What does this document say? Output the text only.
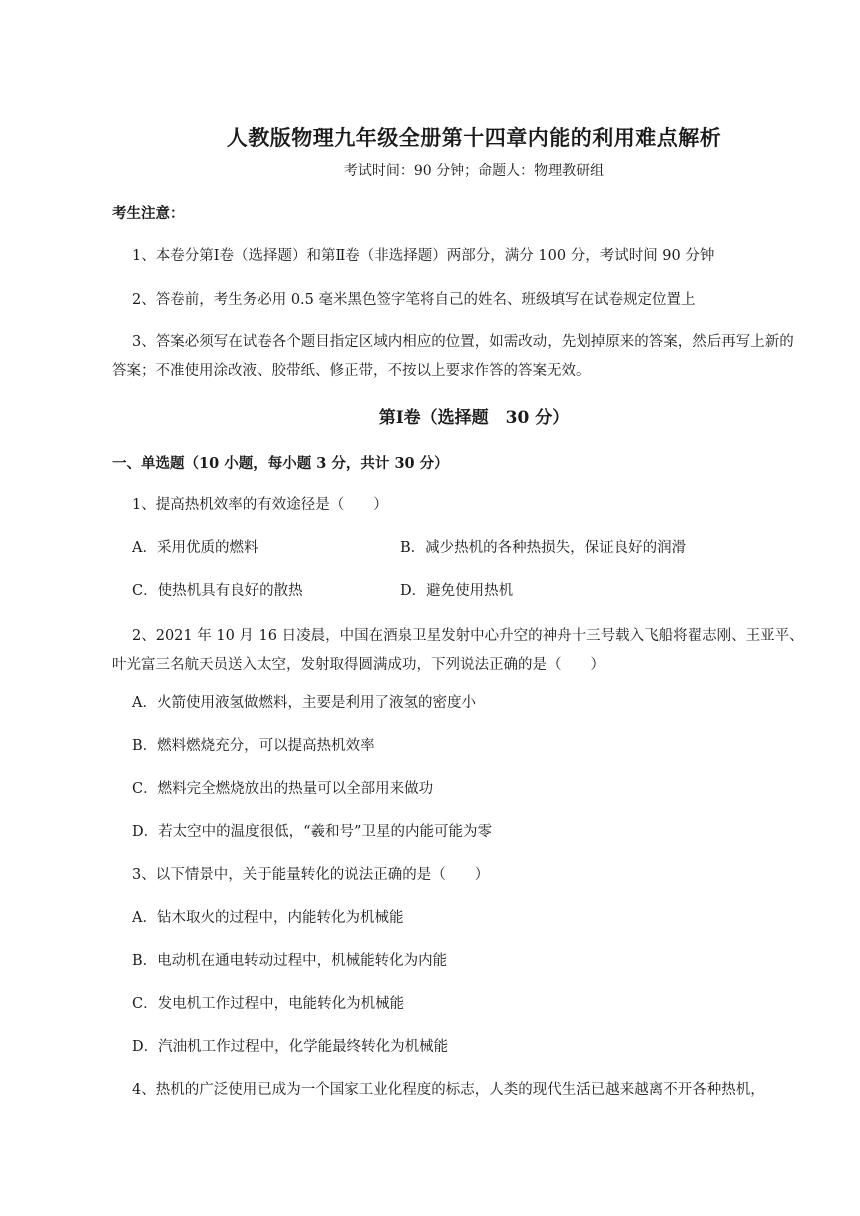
人教版物理九年级全册第十四章内能的利用难点解析
考试时间：90 分钟；命题人：物理教研组
考生注意：
1、本卷分第Ⅰ卷（选择题）和第Ⅱ卷（非选择题）两部分，满分 100 分，考试时间 90 分钟
2、答卷前，考生务必用 0.5 毫米黑色签字笔将自己的姓名、班级填写在试卷规定位置上
3、答案必须写在试卷各个题目指定区域内相应的位置，如需改动，先划掉原来的答案，然后再写上新的答案；不准使用涂改液、胶带纸、修正带，不按以上要求作答的答案无效。
第Ⅰ卷（选择题　30 分）
一、单选题（10 小题，每小题 3 分，共计 30 分）
1、提高热机效率的有效途径是（　　）
A．采用优质的燃料	B．减少热机的各种热损失，保证良好的润滑
C．使热机具有良好的散热	D．避免使用热机
2、2021 年 10 月 16 日凌晨，中国在酒泉卫星发射中心升空的神舟十三号载入飞船将翟志刚、王亚平、叶光富三名航天员送入太空，发射取得圆满成功，下列说法正确的是（　　）
A．火箭使用液氢做燃料，主要是利用了液氢的密度小
B．燃料燃烧充分，可以提高热机效率
C．燃料完全燃烧放出的热量可以全部用来做功
D．若太空中的温度很低，“羲和号”卫星的内能可能为零
3、以下情景中，关于能量转化的说法正确的是（　　）
A．钻木取火的过程中，内能转化为机械能
B．电动机在通电转动过程中，机械能转化为内能
C．发电机工作过程中，电能转化为机械能
D．汽油机工作过程中，化学能最终转化为机械能
4、热机的广泛使用已成为一个国家工业化程度的标志，人类的现代生活已越来越离不开各种热机，
